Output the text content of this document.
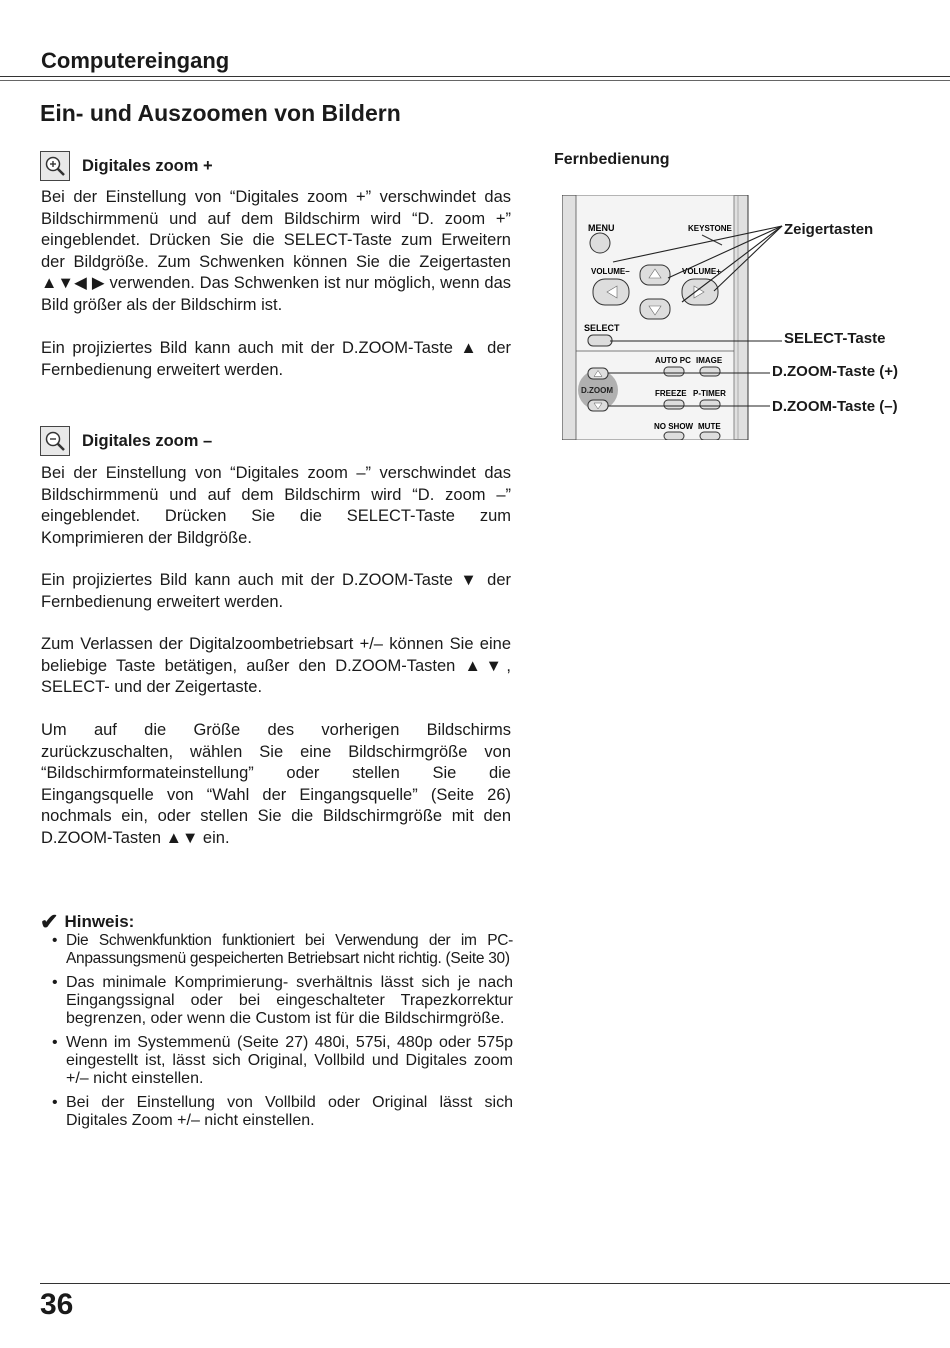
Computereingang
Ein- und Auszoomen von Bildern
Digitales zoom +

Bei der Einstellung von “Digitales zoom +” verschwindet das Bildschirmmenü und auf dem Bildschirm wird “D. zoom +” eingeblendet. Drücken Sie die SELECT-Taste zum Erweitern der Bildgröße. Zum Schwenken können Sie die Zeigertasten ▲▼◀ ▶ verwenden. Das Schwenken ist nur möglich, wenn das Bild größer als der Bildschirm ist.

Ein projiziertes Bild kann auch mit der D.ZOOM-Taste ▲ der Fernbedienung erweitert werden.

Digitales zoom –

Bei der Einstellung von “Digitales zoom –” verschwindet das Bildschirmmenü und auf dem Bildschirm wird “D. zoom –” eingeblendet. Drücken Sie die SELECT-Taste zum Komprimieren der Bildgröße.

Ein projiziertes Bild kann auch mit der D.ZOOM-Taste ▼ der Fernbedienung erweitert werden.

Zum Verlassen der Digitalzoombetriebsart +/– können Sie eine beliebige Taste betätigen, außer den D.ZOOM-Tasten ▲▼, SELECT- und der Zeigertaste.

Um auf die Größe des vorherigen Bildschirms zurückzuschalten, wählen Sie eine Bildschirmgröße von “Bildschirmformateinstellung” oder stellen Sie die Eingangsquelle von “Wahl der Eingangsquelle” (Seite 26) nochmals ein, oder stellen Sie die Bildschirmgröße mit den D.ZOOM-Tasten ▲▼ ein.

✔ Hinweis:
• Die Schwenkfunktion funktioniert bei Verwendung der im PC-Anpassungsmenü gespeicherten Betriebsart nicht richtig. (Seite 30)
• Das minimale Komprimierung- sverhältnis lässt sich je nach Eingangssignal oder bei eingeschalteter Trapezkorrektur begrenzen, oder wenn die Custom ist für die Bildschirmgröße.
• Wenn im Systemmenü (Seite 27) 480i, 575i, 480p oder 575p eingestellt ist, lässt sich Original, Vollbild und Digitales zoom +/– nicht einstellen.
• Bei der Einstellung von Vollbild oder Original lässt sich Digitales Zoom +/– nicht einstellen.
Fernbedienung
MENU	KEYSTONE
VOLUME–	VOLUME+
SELECT
AUTO PC IMAGE
D.ZOOM	FREEZE P-TIMER
NO SHOW MUTE
Zeigertasten
SELECT-Taste
D.ZOOM-Taste (+)
D.ZOOM-Taste (–)
36
